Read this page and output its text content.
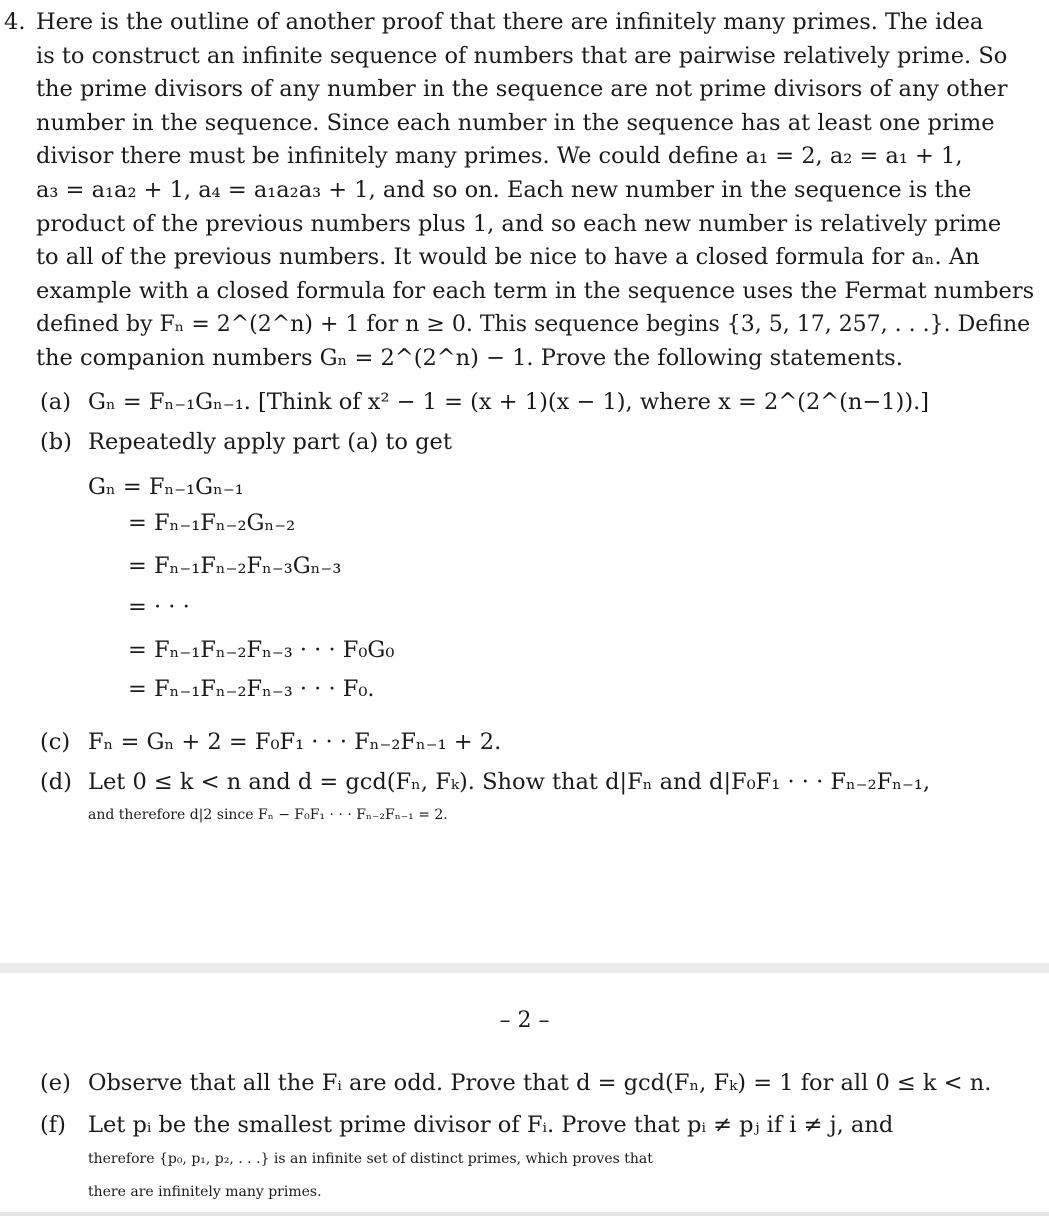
4. Here is the outline of another proof that there are infinitely many primes. The idea
is to construct an infinite sequence of numbers that are pairwise relatively prime. So
the prime divisors of any number in the sequence are not prime divisors of any other
number in the sequence. Since each number in the sequence has at least one prime
divisor there must be infinitely many primes. We could define a₁ = 2, a₂ = a₁ + 1,
a₃ = a₁a₂ + 1, a₄ = a₁a₂a₃ + 1, and so on. Each new number in the sequence is the
product of the previous numbers plus 1, and so each new number is relatively prime
to all of the previous numbers. It would be nice to have a closed formula for aₙ. An
example with a closed formula for each term in the sequence uses the Fermat numbers
defined by Fₙ = 2^(2^n) + 1 for n ≥ 0. This sequence begins {3, 5, 17, 257, . . .}. Define
the companion numbers Gₙ = 2^(2^n) − 1. Prove the following statements.
(a) Gₙ = Fₙ₋₁Gₙ₋₁. [Think of x² − 1 = (x + 1)(x − 1), where x = 2^(2^(n−1)).]
(b) Repeatedly apply part (a) to get
Gₙ = Fₙ₋₁Gₙ₋₁
= Fₙ₋₁Fₙ₋₂Gₙ₋₂
= Fₙ₋₁Fₙ₋₂Fₙ₋₃Gₙ₋₃
= · · ·
= Fₙ₋₁Fₙ₋₂Fₙ₋₃ · · · F₀G₀
= Fₙ₋₁Fₙ₋₂Fₙ₋₃ · · · F₀.
(c) Fₙ = Gₙ + 2 = F₀F₁ · · · Fₙ₋₂Fₙ₋₁ + 2.
(d) Let 0 ≤ k < n and d = gcd(Fₙ, Fₖ). Show that d|Fₙ and d|F₀F₁ · · · Fₙ₋₂Fₙ₋₁,
and therefore d|2 since Fₙ − F₀F₁ · · · Fₙ₋₂Fₙ₋₁ = 2.
– 2 –
(e) Observe that all the Fᵢ are odd. Prove that d = gcd(Fₙ, Fₖ) = 1 for all 0 ≤ k < n.
(f) Let pᵢ be the smallest prime divisor of Fᵢ. Prove that pᵢ ≠ pⱼ if i ≠ j, and
therefore {p₀, p₁, p₂, . . .} is an infinite set of distinct primes, which proves that
there are infinitely many primes.
